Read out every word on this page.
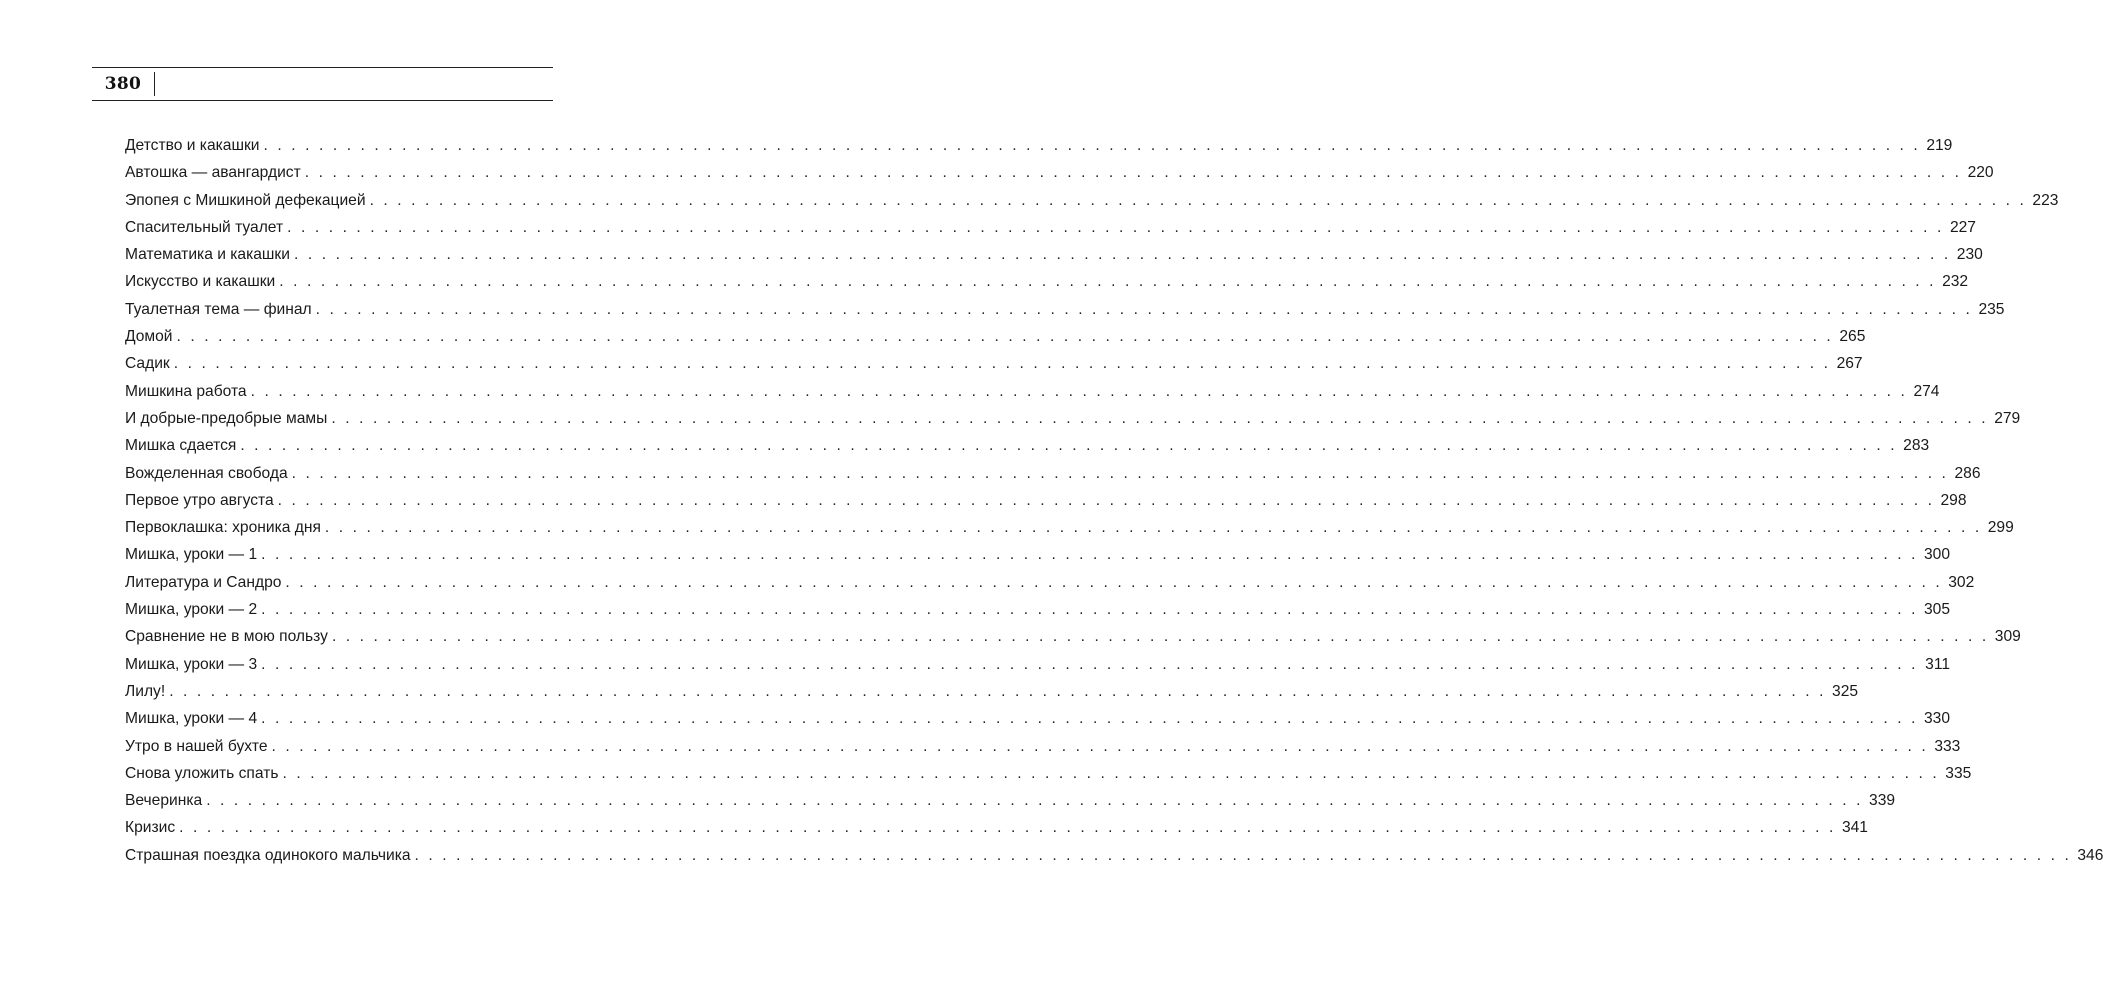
380
Детство и какашки . . . . . . . . . . . . . . . . . . . . . . . . . . . . . . . . . . . . . . . . . . . . . . . . . . . . . . . . . . . . . . . . . . . . . . . . . . . . . . . . . . . . . . . . . . . . . . . . . . . . . . . . . . . . . . . . . . . . . . . . 219
Автошка — авангардист . . . . . . . . . . . . . . . . . . . . . . . . . . . . . . . . . . . . . . . . . . . . . . . . . . . . . . . . . . . . . . . . . . . . . . . . . . . . . . . . . . . . . . . . . . . . . . . . . . . . . . . . . . . . . . . . . . . . . . . . 220
Эпопея с Мишкиной дефекацией . . . . . . . . . . . . . . . . . . . . . . . . . . . . . . . . . . . . . . . . . . . . . . . . . . . . . . . . . . . . . . . . . . . . . . . . . . . . . . . . . . . . . . . . . . . . . . . . . . . . . . . . . . . . . . . . . . . . . . . . 223
Спасительный туалет . . . . . . . . . . . . . . . . . . . . . . . . . . . . . . . . . . . . . . . . . . . . . . . . . . . . . . . . . . . . . . . . . . . . . . . . . . . . . . . . . . . . . . . . . . . . . . . . . . . . . . . . . . . . . . . . . . . . . . . . 227
Математика и какашки . . . . . . . . . . . . . . . . . . . . . . . . . . . . . . . . . . . . . . . . . . . . . . . . . . . . . . . . . . . . . . . . . . . . . . . . . . . . . . . . . . . . . . . . . . . . . . . . . . . . . . . . . . . . . . . . . . . . . . . . 230
Искусство и какашки . . . . . . . . . . . . . . . . . . . . . . . . . . . . . . . . . . . . . . . . . . . . . . . . . . . . . . . . . . . . . . . . . . . . . . . . . . . . . . . . . . . . . . . . . . . . . . . . . . . . . . . . . . . . . . . . . . . . . . . . 232
Туалетная тема — финал . . . . . . . . . . . . . . . . . . . . . . . . . . . . . . . . . . . . . . . . . . . . . . . . . . . . . . . . . . . . . . . . . . . . . . . . . . . . . . . . . . . . . . . . . . . . . . . . . . . . . . . . . . . . . . . . . . . . . . . . 235
Домой . . . . . . . . . . . . . . . . . . . . . . . . . . . . . . . . . . . . . . . . . . . . . . . . . . . . . . . . . . . . . . . . . . . . . . . . . . . . . . . . . . . . . . . . . . . . . . . . . . . . . . . . . . . . . . . . . . . . . . . . 265
Садик . . . . . . . . . . . . . . . . . . . . . . . . . . . . . . . . . . . . . . . . . . . . . . . . . . . . . . . . . . . . . . . . . . . . . . . . . . . . . . . . . . . . . . . . . . . . . . . . . . . . . . . . . . . . . . . . . . . . . . . . 267
Мишкина работа . . . . . . . . . . . . . . . . . . . . . . . . . . . . . . . . . . . . . . . . . . . . . . . . . . . . . . . . . . . . . . . . . . . . . . . . . . . . . . . . . . . . . . . . . . . . . . . . . . . . . . . . . . . . . . . . . . . . . . . . 274
И добрые-предобрые мамы . . . . . . . . . . . . . . . . . . . . . . . . . . . . . . . . . . . . . . . . . . . . . . . . . . . . . . . . . . . . . . . . . . . . . . . . . . . . . . . . . . . . . . . . . . . . . . . . . . . . . . . . . . . . . . . . . . . . . . . . 279
Мишка сдается . . . . . . . . . . . . . . . . . . . . . . . . . . . . . . . . . . . . . . . . . . . . . . . . . . . . . . . . . . . . . . . . . . . . . . . . . . . . . . . . . . . . . . . . . . . . . . . . . . . . . . . . . . . . . . . . . . . . . . . . 283
Вожделенная свобода . . . . . . . . . . . . . . . . . . . . . . . . . . . . . . . . . . . . . . . . . . . . . . . . . . . . . . . . . . . . . . . . . . . . . . . . . . . . . . . . . . . . . . . . . . . . . . . . . . . . . . . . . . . . . . . . . . . . . . . . 286
Первое утро августа . . . . . . . . . . . . . . . . . . . . . . . . . . . . . . . . . . . . . . . . . . . . . . . . . . . . . . . . . . . . . . . . . . . . . . . . . . . . . . . . . . . . . . . . . . . . . . . . . . . . . . . . . . . . . . . . . . . . . . . . 298
Первоклашка: хроника дня . . . . . . . . . . . . . . . . . . . . . . . . . . . . . . . . . . . . . . . . . . . . . . . . . . . . . . . . . . . . . . . . . . . . . . . . . . . . . . . . . . . . . . . . . . . . . . . . . . . . . . . . . . . . . . . . . . . . . . . . 299
Мишка, уроки — 1 . . . . . . . . . . . . . . . . . . . . . . . . . . . . . . . . . . . . . . . . . . . . . . . . . . . . . . . . . . . . . . . . . . . . . . . . . . . . . . . . . . . . . . . . . . . . . . . . . . . . . . . . . . . . . . . . . . . . . . . . 300
Литература и Сандро . . . . . . . . . . . . . . . . . . . . . . . . . . . . . . . . . . . . . . . . . . . . . . . . . . . . . . . . . . . . . . . . . . . . . . . . . . . . . . . . . . . . . . . . . . . . . . . . . . . . . . . . . . . . . . . . . . . . . . . . 302
Мишка, уроки — 2 . . . . . . . . . . . . . . . . . . . . . . . . . . . . . . . . . . . . . . . . . . . . . . . . . . . . . . . . . . . . . . . . . . . . . . . . . . . . . . . . . . . . . . . . . . . . . . . . . . . . . . . . . . . . . . . . . . . . . . . . 305
Сравнение не в мою пользу . . . . . . . . . . . . . . . . . . . . . . . . . . . . . . . . . . . . . . . . . . . . . . . . . . . . . . . . . . . . . . . . . . . . . . . . . . . . . . . . . . . . . . . . . . . . . . . . . . . . . . . . . . . . . . . . . . . . . . . . 309
Мишка, уроки — 3 . . . . . . . . . . . . . . . . . . . . . . . . . . . . . . . . . . . . . . . . . . . . . . . . . . . . . . . . . . . . . . . . . . . . . . . . . . . . . . . . . . . . . . . . . . . . . . . . . . . . . . . . . . . . . . . . . . . . . . . . 311
Лилу! . . . . . . . . . . . . . . . . . . . . . . . . . . . . . . . . . . . . . . . . . . . . . . . . . . . . . . . . . . . . . . . . . . . . . . . . . . . . . . . . . . . . . . . . . . . . . . . . . . . . . . . . . . . . . . . . . . . . . . . . 325
Мишка, уроки — 4 . . . . . . . . . . . . . . . . . . . . . . . . . . . . . . . . . . . . . . . . . . . . . . . . . . . . . . . . . . . . . . . . . . . . . . . . . . . . . . . . . . . . . . . . . . . . . . . . . . . . . . . . . . . . . . . . . . . . . . . . 330
Утро в нашей бухте . . . . . . . . . . . . . . . . . . . . . . . . . . . . . . . . . . . . . . . . . . . . . . . . . . . . . . . . . . . . . . . . . . . . . . . . . . . . . . . . . . . . . . . . . . . . . . . . . . . . . . . . . . . . . . . . . . . . . . . . 333
Снова уложить спать . . . . . . . . . . . . . . . . . . . . . . . . . . . . . . . . . . . . . . . . . . . . . . . . . . . . . . . . . . . . . . . . . . . . . . . . . . . . . . . . . . . . . . . . . . . . . . . . . . . . . . . . . . . . . . . . . . . . . . . . 335
Вечеринка . . . . . . . . . . . . . . . . . . . . . . . . . . . . . . . . . . . . . . . . . . . . . . . . . . . . . . . . . . . . . . . . . . . . . . . . . . . . . . . . . . . . . . . . . . . . . . . . . . . . . . . . . . . . . . . . . . . . . . . . 339
Кризис . . . . . . . . . . . . . . . . . . . . . . . . . . . . . . . . . . . . . . . . . . . . . . . . . . . . . . . . . . . . . . . . . . . . . . . . . . . . . . . . . . . . . . . . . . . . . . . . . . . . . . . . . . . . . . . . . . . . . . . . 341
Страшная поездка одинокого мальчика . . . . . . . . . . . . . . . . . . . . . . . . . . . . . . . . . . . . . . . . . . . . . . . . . . . . . . . . . . . . . . . . . . . . . . . . . . . . . . . . . . . . . . . . . . . . . . . . . . . . . . . . . . . . . . . . . . . . . . . . 346
